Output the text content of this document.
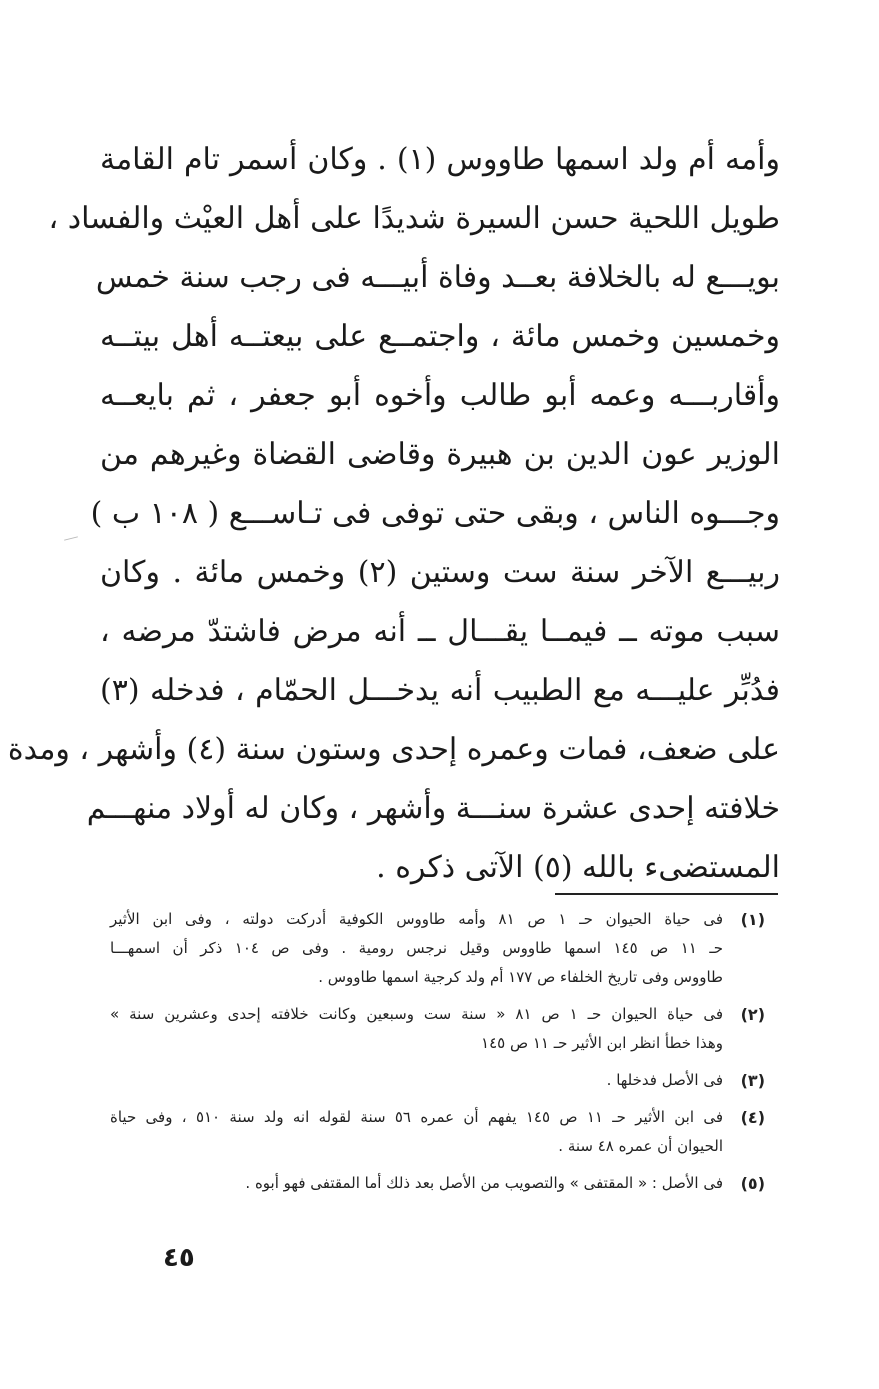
وأمه أم ولد اسمها طاووس (١) . وكان أسمر تام القامة
طويل اللحية حسن السيرة شديدًا على أهل العيْث والفساد ،
بويـــع له بالخلافة بعــد وفاة أبيـــه فى رجب سنة خمس
وخمسين وخمس مائة ، واجتمــع على بيعتــه أهل بيتــه
وأقاربـــه وعمه أبو طالب وأخوه أبو جعفر ، ثم بايعــه
الوزير عون الدين بن هبيرة وقاضى القضاة وغيرهم من
وجـــوه الناس ، وبقى حتى توفى فى تـاســـع ( ١٠٨ ب )
ربيـــع الآخر سنة ست وستين (٢) وخمس مائة . وكان
سبب موته ــ فيمــا يقـــال ــ أنه مرض فاشتدّ مرضه ،
فدُبِّر عليـــه مع الطبيب أنه يدخـــل الحمّام ، فدخله (٣)
على ضعف، فمات وعمره إحدى وستون سنة (٤) وأشهر ، ومدة
خلافته إحدى عشرة سنـــة وأشهر ، وكان له أولاد منهـــم
المستضىء بالله (٥) الآتى ذكره .
(١)
فى حياة الحيوان حـ ١ ص ٨١ وأمه طاووس الكوفية أدركت دولته ، وفى ابن الأثير
حـ ١١ ص ١٤٥ اسمها طاووس وقيل نرجس رومية . وفى ص ١٠٤ ذكر أن اسمهـــا
طاووس وفى تاريخ الخلفاء ص ١٧٧ أم ولد كرجية اسمها طاووس .
(٢)
فى حياة الحيوان حـ ١ ص ٨١ « سنة ست وسبعين وكانت خلافته إحدى وعشرين سنة »
وهذا خطأ انظر ابن الأثير حـ ١١ ص ١٤٥
(٣)
فى الأصل فدخلها .
(٤)
فى ابن الأثير حـ ١١ ص ١٤٥ يفهم أن عمره ٥٦ سنة لقوله انه ولد سنة ٥١٠ ، وفى حياة
الحيوان أن عمره ٤٨ سنة .
(٥)
فى الأصل : « المقتفى » والتصويب من الأصل بعد ذلك أما المقتفى فهو أبوه .
٤٥
